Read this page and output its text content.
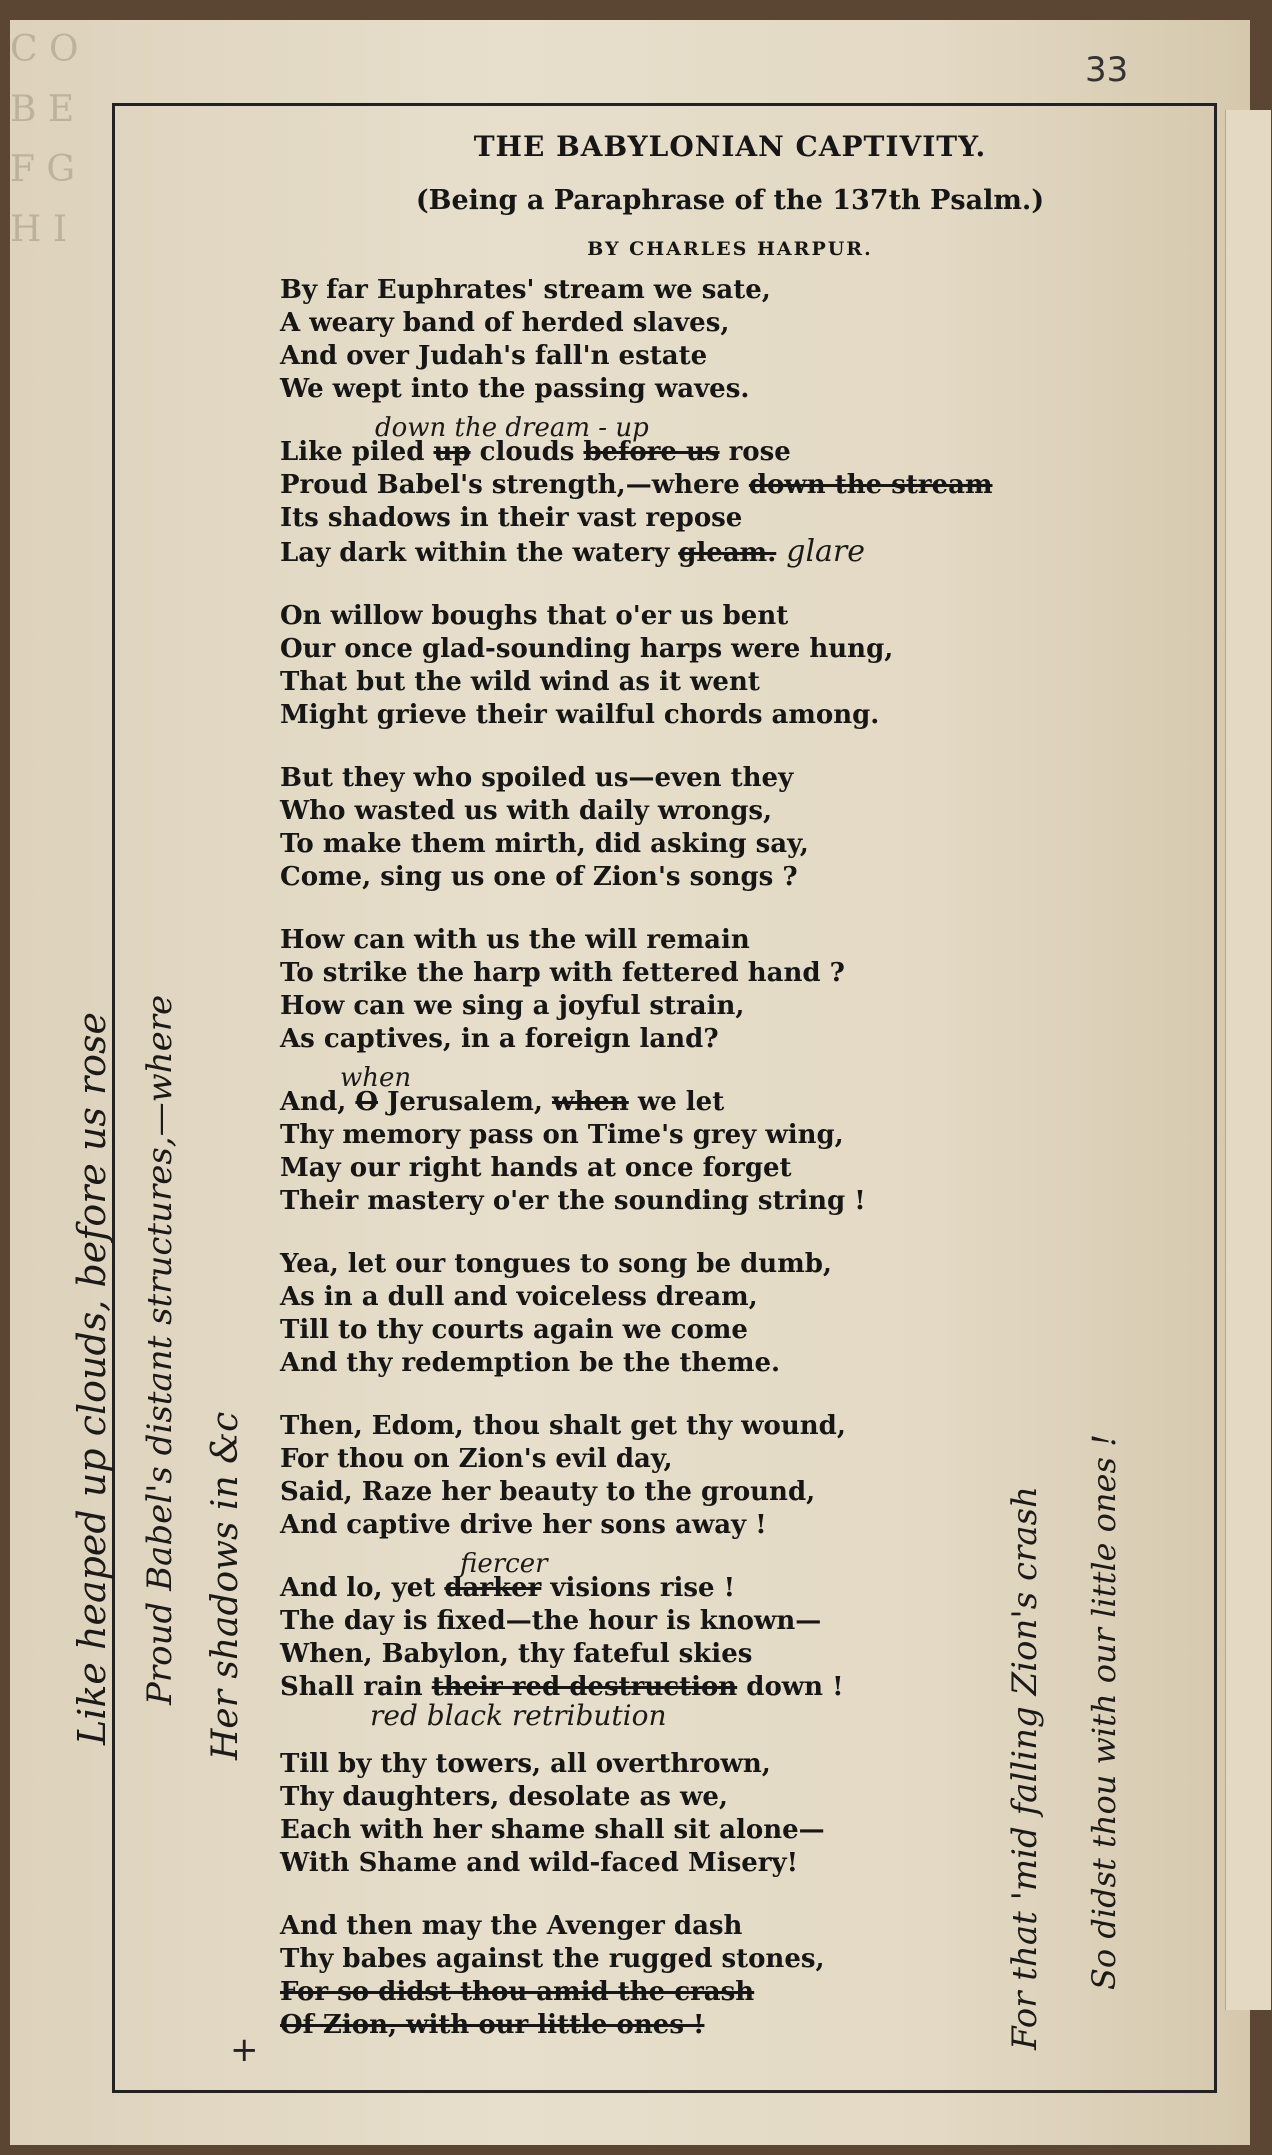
C O B E F G H I
33
THE BABYLONIAN CAPTIVITY.
(Being a Paraphrase of the 137th Psalm.)
BY CHARLES HARPUR.
By far Euphrates' stream we sate,
A weary band of herded slaves,
And over Judah's fall'n estate
We wept into the passing waves.
Like piled up clouds before us rose
down the dream - up
Proud Babel's strength,—where down the stream
Its shadows in their vast repose
Lay dark within the watery gleam. glare
On willow boughs that o'er us bent
Our once glad-sounding harps were hung,
That but the wild wind as it went
Might grieve their wailful chords among.
But they who spoiled us—even they
Who wasted us with daily wrongs,
To make them mirth, did asking say,
Come, sing us one of Zion's songs ?
How can with us the will remain
To strike the harp with fettered hand ?
How can we sing a joyful strain,
As captives, in a foreign land?
And, O Jerusalem, when we let
when
Thy memory pass on Time's grey wing,
May our right hands at once forget
Their mastery o'er the sounding string !
Yea, let our tongues to song be dumb,
As in a dull and voiceless dream,
Till to thy courts again we come
And thy redemption be the theme.
Then, Edom, thou shalt get thy wound,
For thou on Zion's evil day,
Said, Raze her beauty to the ground,
And captive drive her sons away !
And lo, yet darker visions rise !
fiercer
The day is fixed—the hour is known—
When, Babylon, thy fateful skies
Shall rain their red destruction down !
red black retribution
Till by thy towers, all overthrown,
Thy daughters, desolate as we,
Each with her shame shall sit alone—
With Shame and wild-faced Misery!
And then may the Avenger dash
Thy babes against the rugged stones,
For so didst thou amid the crash
Of Zion, with our little ones !
Like heaped up clouds, before us rose Proud Babel's distant structures,—where Her shadows in &c	For that 'mid falling Zion's crash So didst thou with our little ones !
+
